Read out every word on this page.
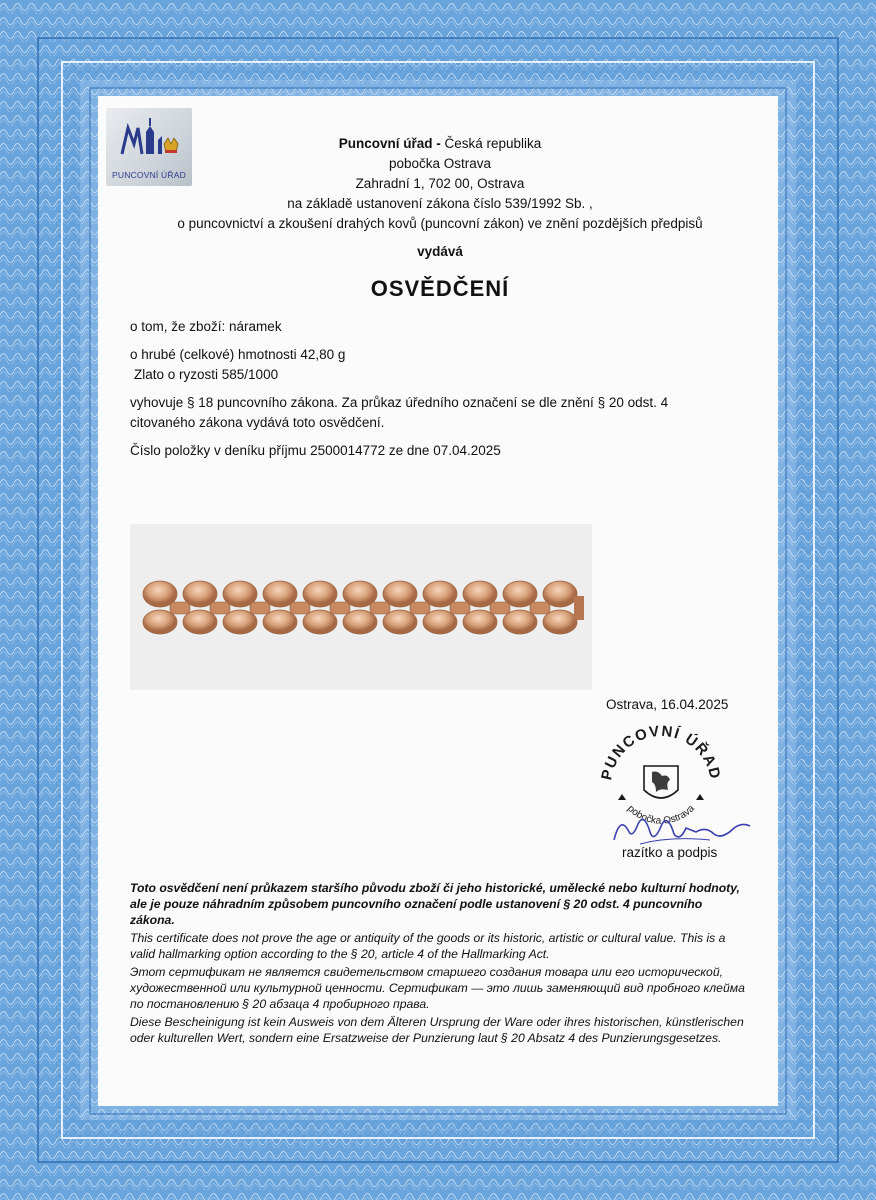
PUNCOVNÍ ÚŘAD
Puncovní úřad - Česká republika
pobočka Ostrava
Zahradní 1, 702 00, Ostrava
na základě ustanovení zákona číslo 539/1992 Sb. ,
o puncovnictví a zkoušení drahých kovů (puncovní zákon) ve znění pozdějších předpisů
vydává
OSVĚDČENÍ

o tom, že zboží: náramek

o hrubé (celkové) hmotnosti 42,80 g

Zlato o ryzosti 585/1000

vyhovuje § 18 puncovního zákona. Za průkaz úředního označení se dle znění § 20 odst. 4

citovaného zákona vydává toto osvědčení.

Číslo položky v deníku příjmu 2500014772 ze dne 07.04.2025

Ostrava, 16.04.2025
PUNCOVNÍ ÚŘAD
pobočka Ostrava
razítko a podpis

Toto osvědčení není průkazem staršího původu zboží či jeho historické, umělecké nebo kulturní hodnoty, ale je pouze náhradním způsobem puncovního označení podle ustanovení § 20 odst. 4 puncovního zákona.

This certificate does not prove the age or antiquity of the goods or its historic, artistic or cultural value. This is a valid hallmarking option according to the § 20, article 4 of the Hallmarking Act.

Этот сертификат не является свидетельством старшего создания товара или его исторической, художественной или культурной ценности. Сертификат — это лишь заменяющий вид пробного клейма по постановлению § 20 абзаца 4 пробирного права.

Diese Bescheinigung ist kein Ausweis von dem Älteren Ursprung der Ware oder ihres historischen, künstlerischen oder kulturellen Wert, sondern eine Ersatzweise der Punzierung laut § 20 Absatz 4 des Punzierungsgesetzes.
